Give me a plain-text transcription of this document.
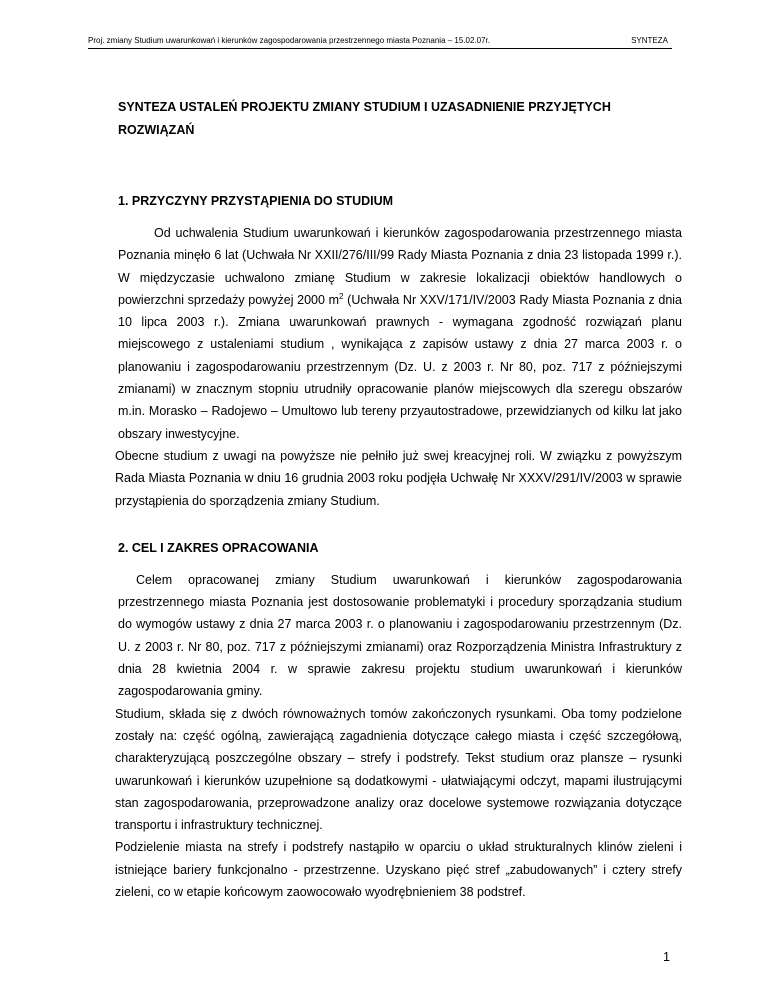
Proj. zmiany Studium uwarunkowań i kierunków zagospodarowania przestrzennego miasta Poznania – 15.02.07r.	SYNTEZA
SYNTEZA USTALEŃ PROJEKTU ZMIANY STUDIUM I UZASADNIENIE PRZYJĘTYCH ROZWIĄZAŃ
1. PRZYCZYNY PRZYSTĄPIENIA DO STUDIUM

Od uchwalenia Studium uwarunkowań i kierunków zagospodarowania przestrzennego miasta Poznania minęło 6 lat (Uchwała Nr XXII/276/III/99 Rady Miasta Poznania z dnia 23 listopada 1999 r.). W międzyczasie uchwalono zmianę Studium w zakresie lokalizacji obiektów handlowych o powierzchni sprzedaży powyżej 2000 $m^2$ (Uchwała Nr XXV/171/IV/2003 Rady Miasta Poznania z dnia 10 lipca 2003 r.). Zmiana uwarunkowań prawnych - wymagana zgodność rozwiązań planu miejscowego z ustaleniami studium , wynikająca z zapisów ustawy z dnia 27 marca 2003 r. o planowaniu i zagospodarowaniu przestrzennym (Dz. U. z 2003 r. Nr 80, poz. 717 z późniejszymi zmianami) w znacznym stopniu utrudniły opracowanie planów miejscowych dla szeregu obszarów m.in. Morasko – Radojewo – Umultowo lub tereny przyautostradowe, przewidzianych od kilku lat jako obszary inwestycyjne.

Obecne studium z uwagi na powyższe nie pełniło już swej kreacyjnej roli. W związku z powyższym Rada Miasta Poznania w dniu 16 grudnia 2003 roku podjęła Uchwałę Nr XXXV/291/IV/2003 w sprawie przystąpienia do sporządzenia zmiany Studium.

2. CEL I ZAKRES OPRACOWANIA

Celem opracowanej zmiany Studium uwarunkowań i kierunków zagospodarowania przestrzennego miasta Poznania jest dostosowanie problematyki i procedury sporządzania studium do wymogów ustawy z dnia 27 marca 2003 r. o planowaniu i zagospodarowaniu przestrzennym (Dz. U. z 2003 r. Nr 80, poz. 717 z późniejszymi zmianami) oraz Rozporządzenia Ministra Infrastruktury z dnia 28 kwietnia 2004 r. w sprawie zakresu projektu studium uwarunkowań i kierunków zagospodarowania gminy.

Studium, składa się z dwóch równoważnych tomów zakończonych rysunkami. Oba tomy podzielone zostały na: część ogólną, zawierającą zagadnienia dotyczące całego miasta i część szczegółową, charakteryzującą poszczególne obszary – strefy i podstrefy. Tekst studium oraz plansze – rysunki uwarunkowań i kierunków uzupełnione są dodatkowymi - ułatwiającymi odczyt, mapami ilustrującymi stan zagospodarowania, przeprowadzone analizy oraz docelowe systemowe rozwiązania dotyczące transportu i infrastruktury technicznej.

Podzielenie miasta na strefy i podstrefy nastąpiło w oparciu o układ strukturalnych klinów zieleni i istniejące bariery funkcjonalno - przestrzenne. Uzyskano pięć stref „zabudowanych” i cztery strefy zieleni, co w etapie końcowym zaowocowało wyodrębnieniem 38 podstref.

1
